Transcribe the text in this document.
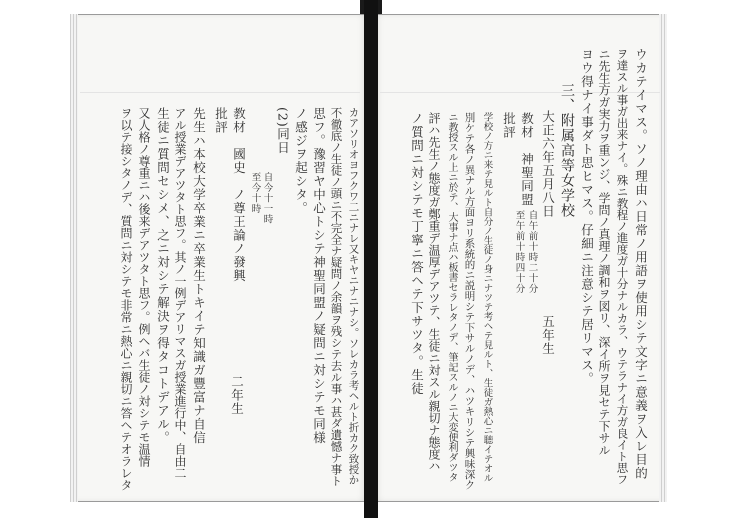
カアソリオヨフクワ二ニナレ又キヤニナニナシ。ソレカラ考ヘルト折カク致授か
不徹底ノ生徒ノ頭ニ不完全ナ疑問ノ余韻ヲ残シテ去ル事ハ甚ダ遺憾ナ事ト
思フ。豫習ヤ中心トシテ神聖同盟ノ疑問ニ対シテモ同様
ノ感ジヲ起シタ。
(2)同日
自今十一時
至今十時
教材　國史　ノ尊王論ノ發興
批評
先生ハ本校大学卒業ニ卒業生トキイテ知識ガ豐富ナ自信
アル授業デアツタト思フ。其ノ一例デアリマスガ授業進行中、自由二
生徒ニ質問セシメ、之ニ対シテ解決ヲ得タコトデアル。
又人格ノ尊重ニハ後来デアツタト思フ。例ヘバ生徒ノ対シテモ温情
ヲ以テ接シタノデ、質問ニ対シテモ非常ニ熱心ニ親切ニ答ヘテオラレタ	二年生	ウカテイマス。ソノ理由ハ日常ノ用語ヲ使用シテ文字ニ意義ヲ入レ目的
ヲ達スル事ガ出来ナイ。殊ニ教程ノ進度ガ十分ナルカラ、ウテラナイ方ガ良イト思フ
ニ先生方ガ実力ヲ重ンジ、学問ノ真理ノ調和ヲ図リ、深イ所ヲ見セテ下サル
ヨウ得ナイ事ダト思ヒマス。仔細ニ注意シテ居リマス。
三、附属高等女学校
大正六年五月八日
自午前十時二十分
至午前十時四十分
教材　神聖同盟
批評
学校ノ方ニ来テ見ルト自分ノ生徒ノ身ニナツテ考ヘテ見ルト、生徒ガ熱心ニ聴イテオル
別ケテ各ノ異ナル方面ヨリ系統的ニ説明シテ下サルノデ、ハツキリシテ興味深ク
ニ教授スル上ニ於テ、大事ナ点ハ板書セラレタノデ、筆記スルノニ大変便利ダツタ
評ハ先生ノ態度ガ鄭重デ温厚デアツテ、生徒ニ対スル親切ナ態度ハ
ノ質問ニ対シテモ丁寧ニ答ヘテ下サツタ。生徒	五年生
